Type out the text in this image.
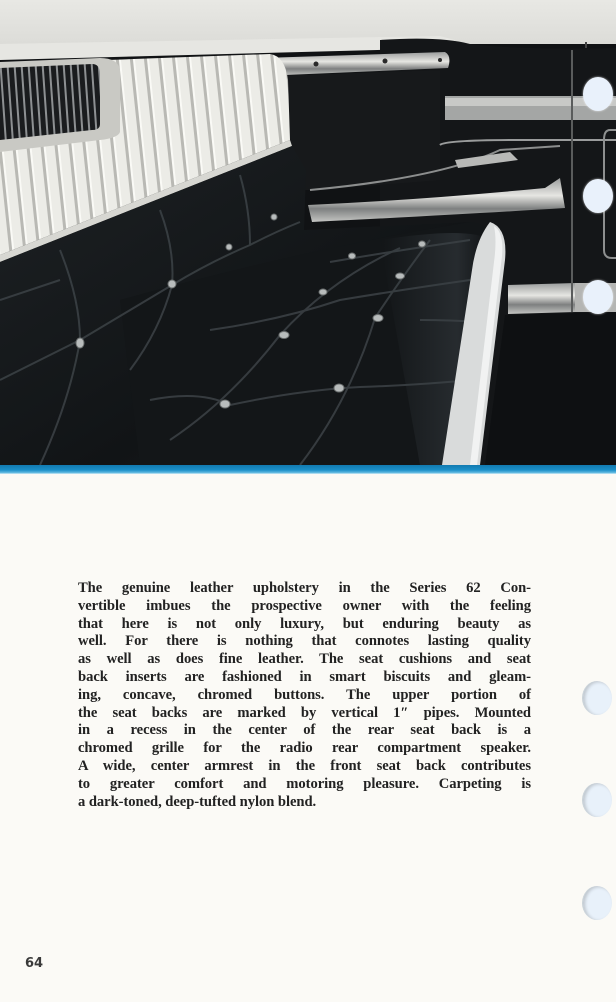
The genuine leather upholstery in the Series 62 Con-
vertible imbues the prospective owner with the feeling
that here is not only luxury, but enduring beauty as
well. For there is nothing that connotes lasting quality
as well as does fine leather. The seat cushions and seat
back inserts are fashioned in smart biscuits and gleam-
ing, concave, chromed buttons. The upper portion of
the seat backs are marked by vertical 1″ pipes. Mounted
in a recess in the center of the rear seat back is a
chromed grille for the radio rear compartment speaker.
A wide, center armrest in the front seat back contributes
to greater comfort and motoring pleasure. Carpeting is
a dark-toned, deep-tufted nylon blend.
64
